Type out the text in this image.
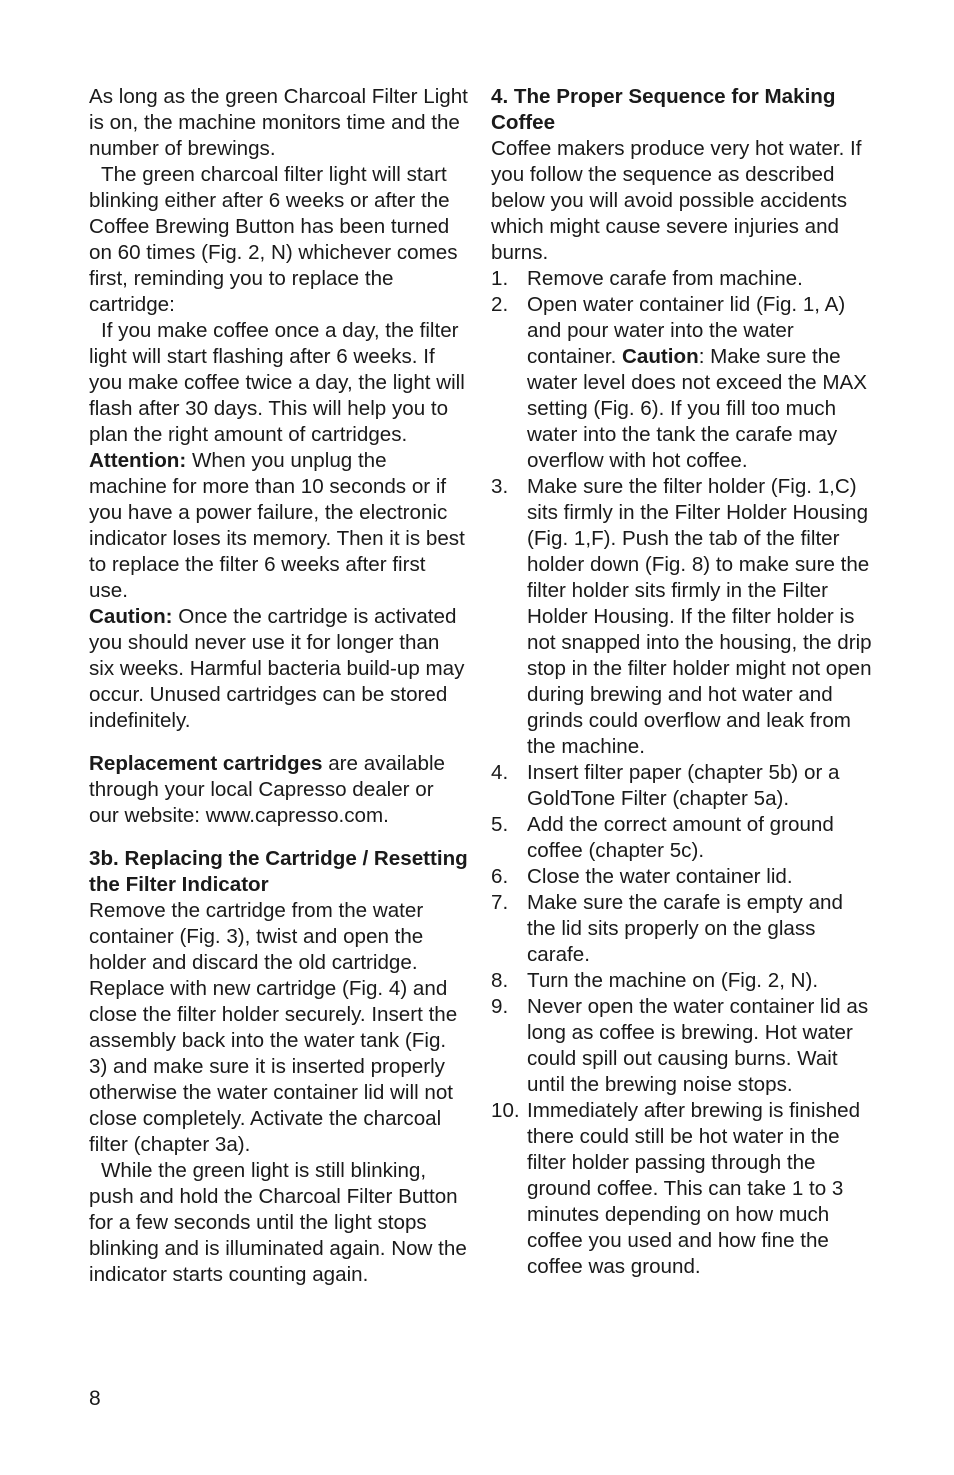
As long as the green Charcoal Filter Light is on, the machine monitors time and the number of brewings.

The green charcoal filter light will start blinking either after 6 weeks or after the Coffee Brewing Button has been turned on 60 times (Fig. 2, N) whichever comes first, reminding you to replace the cartridge:

If you make coffee once a day, the filter light will start flashing after 6 weeks. If you make coffee twice a day, the light will flash after 30 days. This will help you to plan the right amount of cartridges.

Attention: When you unplug the machine for more than 10 seconds or if you have a power failure, the electronic indicator loses its memory. Then it is best to replace the filter 6 weeks after first use.

Caution: Once the cartridge is activated you should never use it for longer than six weeks. Harmful bacteria build-up may occur. Unused cartridges can be stored indefinitely.

Replacement cartridges are available through your local Capresso dealer or our website: www.capresso.com.

3b. Replacing the Cartridge / Resetting the Filter Indicator

Remove the cartridge from the water container (Fig. 3), twist and open the holder and discard the old cartridge. Replace with new cartridge (Fig. 4) and close the filter holder securely. Insert the assembly back into the water tank (Fig. 3) and make sure it is inserted properly otherwise the water container lid will not close completely. Activate the charcoal filter (chapter 3a).

While the green light is still blinking, push and hold the Charcoal Filter Button for a few seconds until the light stops blinking and is illuminated again. Now the indicator starts counting again.

4. The Proper Sequence for Making Coffee

Coffee makers produce very hot water. If you follow the sequence as described below you will avoid possible accidents which might cause severe injuries and burns.

1. Remove carafe from machine.
2. Open water container lid (Fig. 1, A) and pour water into the water container. Caution: Make sure the water level does not exceed the MAX setting (Fig. 6). If you fill too much water into the tank the carafe may overflow with hot coffee.
3. Make sure the filter holder (Fig. 1,C) sits firmly in the Filter Holder Housing (Fig. 1,F). Push the tab of the filter holder down (Fig. 8) to make sure the filter holder sits firmly in the Filter Holder Housing. If the filter holder is not snapped into the housing, the drip stop in the filter holder might not open during brewing and hot water and grinds could overflow and leak from the machine.
4. Insert filter paper (chapter 5b) or a GoldTone Filter (chapter 5a).
5. Add the correct amount of ground coffee (chapter 5c).
6. Close the water container lid.
7. Make sure the carafe is empty and the lid sits properly on the glass carafe.
8. Turn the machine on (Fig. 2, N).
9. Never open the water container lid as long as coffee is brewing. Hot water could spill out causing burns. Wait until the brewing noise stops.
10. Immediately after brewing is finished there could still be hot water in the filter holder passing through the ground coffee. This can take 1 to 3 minutes depending on how much coffee you used and how fine the coffee was ground.
8
